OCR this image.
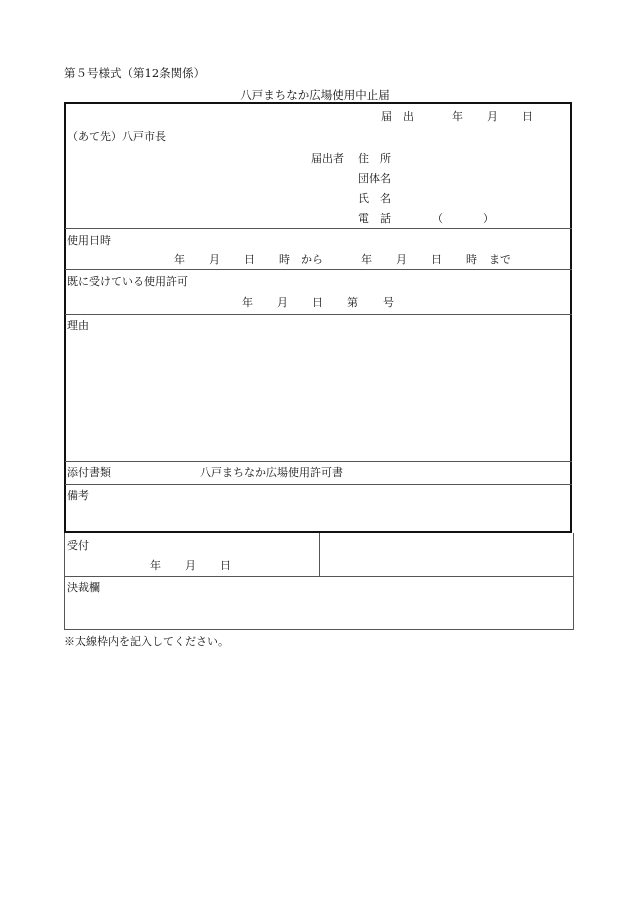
第５号様式（第12条関係）
八戸まちなか広場使用中止届
届　出	年 月 日
（あて先）八戸市長
届出者 住　所
団体名
氏　名
電　話	（	）
使用日時
年 月 日 時 から	年 月 日 時 まで
既に受けている使用許可
年 月 日 第 号
理由
添付書類	八戸まちなか広場使用許可書
備考
受付
年 月 日
決裁欄
※太線枠内を記入してください。
